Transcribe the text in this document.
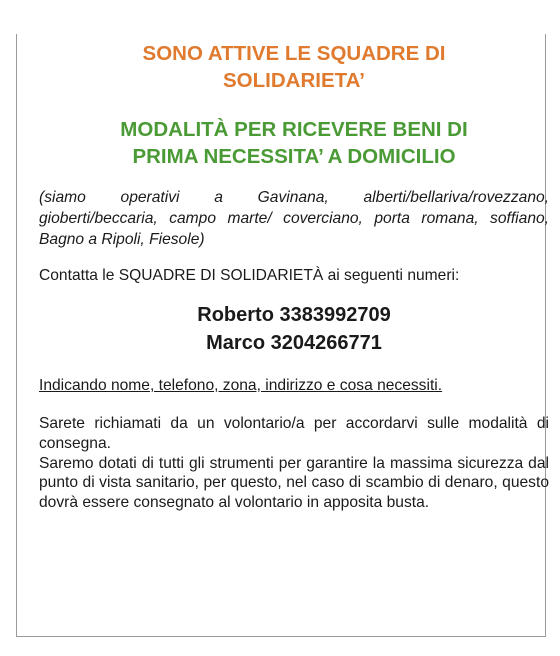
SONO ATTIVE LE SQUADRE DI
SOLIDARIETA’
MODALITÀ PER RICEVERE BENI DI
PRIMA NECESSITA’ A DOMICILIO
(siamo operativi a Gavinana, alberti/bellariva/rovezzano, gioberti/beccaria, campo marte/ coverciano, porta romana, soffiano, Bagno a Ripoli, Fiesole)
Contatta le SQUADRE DI SOLIDARIETÀ ai seguenti numeri:
Roberto 3383992709
Marco 3204266771
Indicando nome, telefono, zona, indirizzo e cosa necessiti.

Sarete richiamati da un volontario/a per accordarvi sulle modalità di consegna.

Saremo dotati di tutti gli strumenti per garantire la massima sicurezza dal punto di vista sanitario, per questo, nel caso di scambio di denaro, questo dovrà essere consegnato al volontario in apposita busta.
